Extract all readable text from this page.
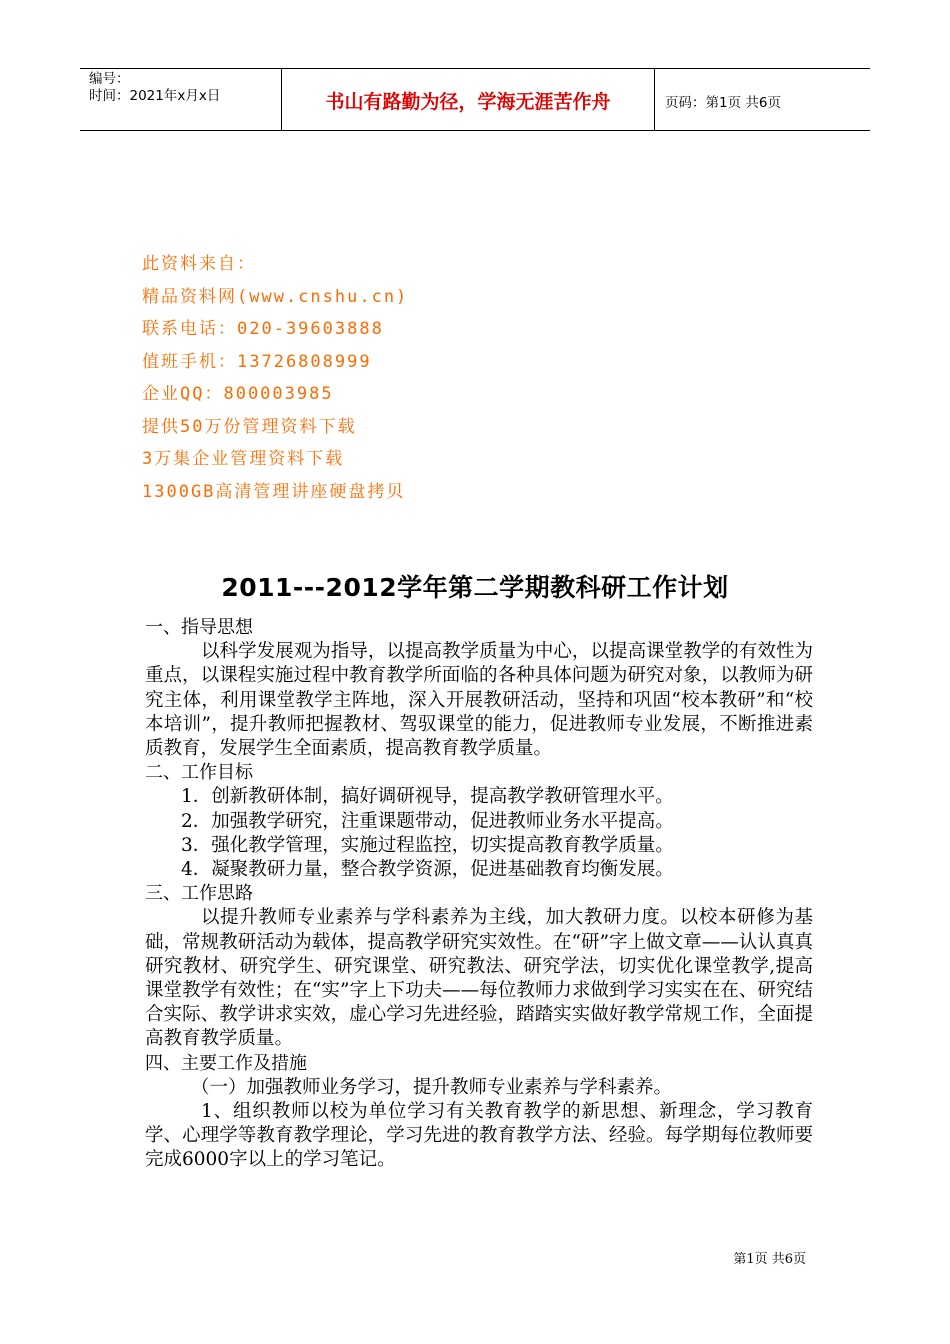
编号：
时间：2021年x月x日	书山有路勤为径，学海无涯苦作舟	页码：第1页 共6页
此资料来自：
精品资料网(www.cnshu.cn)
联系电话：020-39603888
值班手机：13726808999
企业QQ：800003985
提供50万份管理资料下载
3万集企业管理资料下载
1300GB高清管理讲座硬盘拷贝
2011---2012学年第二学期教科研工作计划

一、指导思想

以科学发展观为指导，以提高教学质量为中心，以提高课堂教学的有效性为重点，以课程实施过程中教育教学所面临的各种具体问题为研究对象，以教师为研究主体，利用课堂教学主阵地，深入开展教研活动，坚持和巩固“校本教研”和“校本培训”，提升教师把握教材、驾驭课堂的能力，促进教师专业发展，不断推进素质教育，发展学生全面素质，提高教育教学质量。

二、工作目标

1．创新教研体制，搞好调研视导，提高教学教研管理水平。

2．加强教学研究，注重课题带动，促进教师业务水平提高。

3．强化教学管理，实施过程监控，切实提高教育教学质量。

4．凝聚教研力量，整合教学资源，促进基础教育均衡发展。

三、工作思路

以提升教师专业素养与学科素养为主线，加大教研力度。以校本研修为基础，常规教研活动为载体，提高教学研究实效性。在“研”字上做文章——认认真真研究教材、研究学生、研究课堂、研究教法、研究学法，切实优化课堂教学,提高课堂教学有效性；在“实”字上下功夫——每位教师力求做到学习实实在在、研究结合实际、教学讲求实效，虚心学习先进经验，踏踏实实做好教学常规工作，全面提高教育教学质量。

四、主要工作及措施

（一）加强教师业务学习，提升教师专业素养与学科素养。

1、组织教师以校为单位学习有关教育教学的新思想、新理念，学习教育学、心理学等教育教学理论，学习先进的教育教学方法、经验。每学期每位教师要完成6000字以上的学习笔记。

第1页 共6页
